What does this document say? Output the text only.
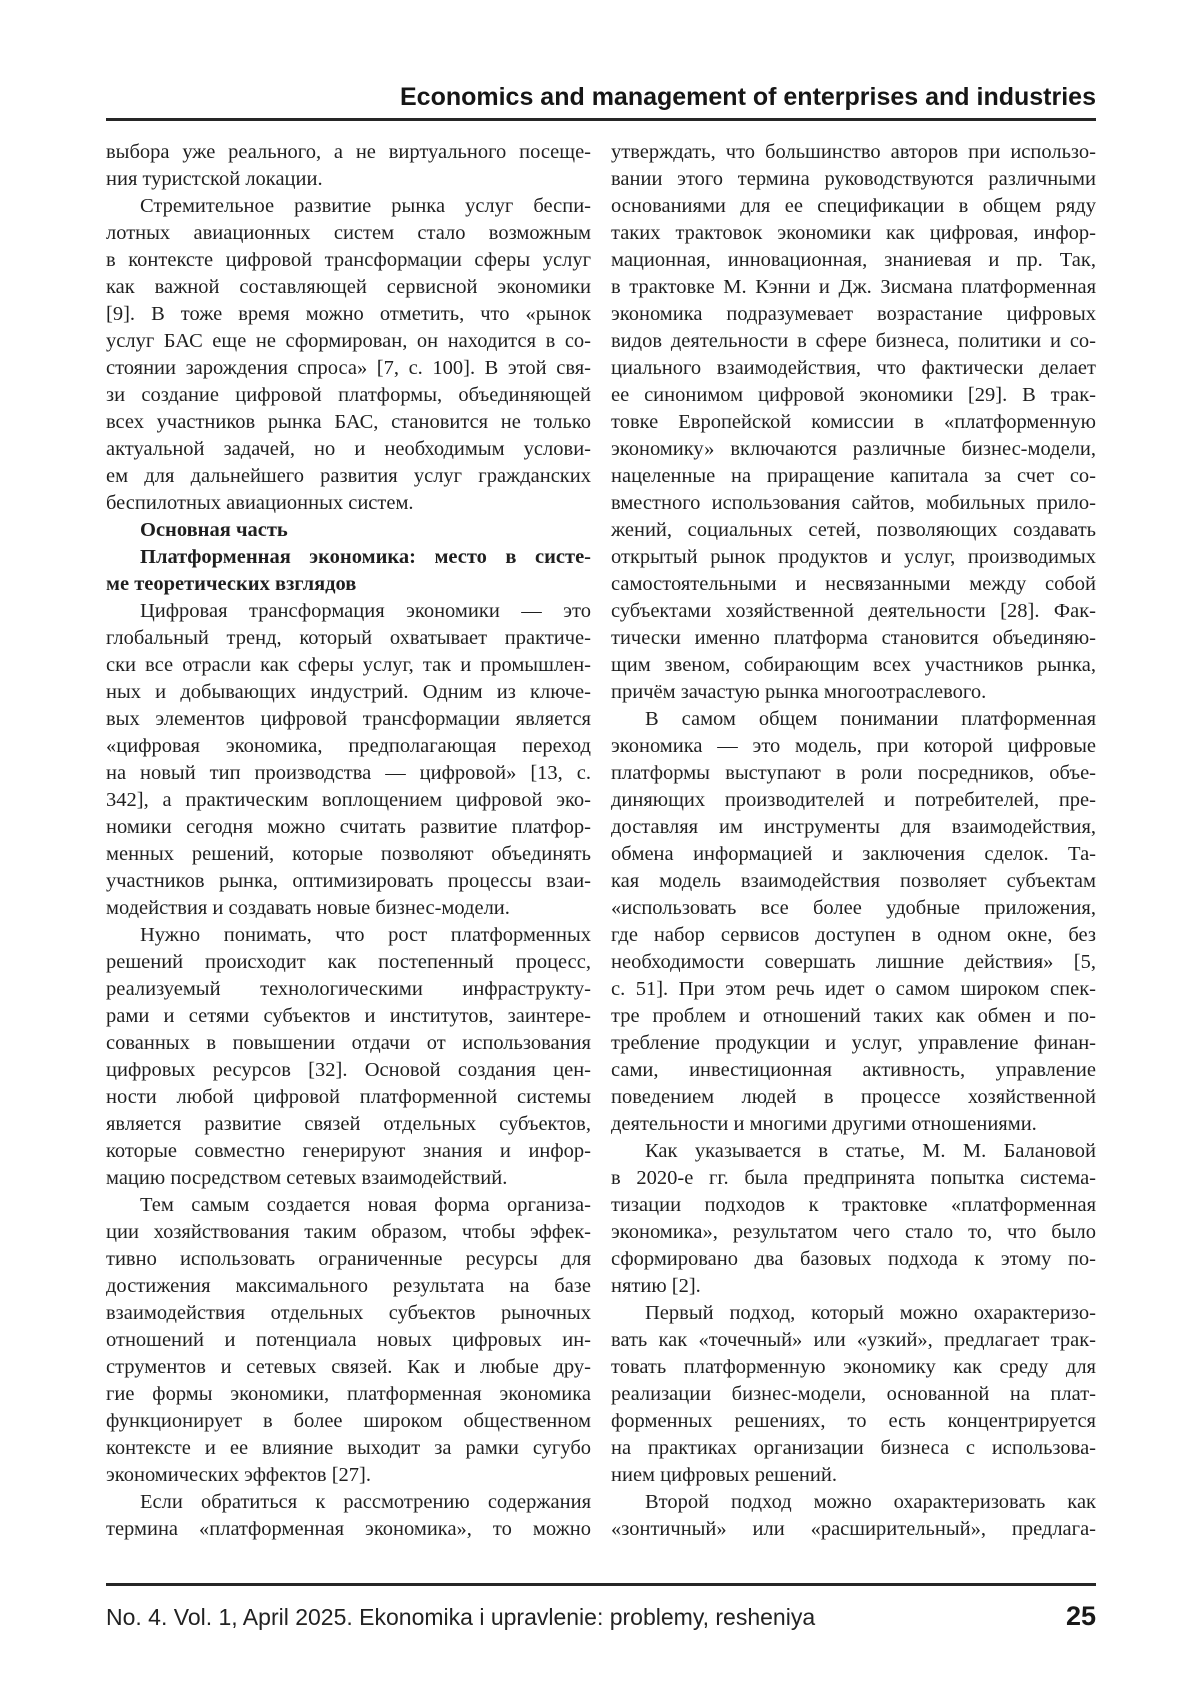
Economics and management of enterprises and industries
выбора уже реального, а не виртуального посеще-
ния туристской локации.
Стремительное развитие рынка услуг беспи-
лотных авиационных систем стало возможным
в контексте цифровой трансформации сферы услуг
как важной составляющей сервисной экономики
[9]. В тоже время можно отметить, что «рынок
услуг БАС еще не сформирован, он находится в со-
стоянии зарождения спроса» [7, с. 100]. В этой свя-
зи создание цифровой платформы, объединяющей
всех участников рынка БАС, становится не только
актуальной задачей, но и необходимым услови-
ем для дальнейшего развития услуг гражданских
беспилотных авиационных систем.
Основная часть
Платформенная экономика: место в систе-
ме теоретических взглядов
Цифровая трансформация экономики — это
глобальный тренд, который охватывает практиче-
ски все отрасли как сферы услуг, так и промышлен-
ных и добывающих индустрий. Одним из ключе-
вых элементов цифровой трансформации является
«цифровая экономика, предполагающая переход
на новый тип производства — цифровой» [13, с.
342], а практическим воплощением цифровой эко-
номики сегодня можно считать развитие платфор-
менных решений, которые позволяют объединять
участников рынка, оптимизировать процессы взаи-
модействия и создавать новые бизнес-модели.
Нужно понимать, что рост платформенных
решений происходит как постепенный процесс,
реализуемый технологическими инфраструкту-
рами и сетями субъектов и институтов, заинтере-
сованных в повышении отдачи от использования
цифровых ресурсов [32]. Основой создания цен-
ности любой цифровой платформенной системы
является развитие связей отдельных субъектов,
которые совместно генерируют знания и инфор-
мацию посредством сетевых взаимодействий.
Тем самым создается новая форма организа-
ции хозяйствования таким образом, чтобы эффек-
тивно использовать ограниченные ресурсы для
достижения максимального результата на базе
взаимодействия отдельных субъектов рыночных
отношений и потенциала новых цифровых ин-
струментов и сетевых связей. Как и любые дру-
гие формы экономики, платформенная экономика
функционирует в более широком общественном
контексте и ее влияние выходит за рамки сугубо
экономических эффектов [27].
Если обратиться к рассмотрению содержания
термина «платформенная экономика», то можно
утверждать, что большинство авторов при использо-
вании этого термина руководствуются различными
основаниями для ее спецификации в общем ряду
таких трактовок экономики как цифровая, инфор-
мационная, инновационная, знаниевая и пр. Так,
в трактовке М. Кэнни и Дж. Зисмана платформенная
экономика подразумевает возрастание цифровых
видов деятельности в сфере бизнеса, политики и со-
циального взаимодействия, что фактически делает
ее синонимом цифровой экономики [29]. В трак-
товке Европейской комиссии в «платформенную
экономику» включаются различные бизнес-модели,
нацеленные на приращение капитала за счет со-
вместного использования сайтов, мобильных прило-
жений, социальных сетей, позволяющих создавать
открытый рынок продуктов и услуг, производимых
самостоятельными и несвязанными между собой
субъектами хозяйственной деятельности [28]. Фак-
тически именно платформа становится объединяю-
щим звеном, собирающим всех участников рынка,
причём зачастую рынка многоотраслевого.
В самом общем понимании платформенная
экономика — это модель, при которой цифровые
платформы выступают в роли посредников, объе-
диняющих производителей и потребителей, пре-
доставляя им инструменты для взаимодействия,
обмена информацией и заключения сделок. Та-
кая модель взаимодействия позволяет субъектам
«использовать все более удобные приложения,
где набор сервисов доступен в одном окне, без
необходимости совершать лишние действия» [5,
с. 51]. При этом речь идет о самом широком спек-
тре проблем и отношений таких как обмен и по-
требление продукции и услуг, управление финан-
сами, инвестиционная активность, управление
поведением людей в процессе хозяйственной
деятельности и многими другими отношениями.
Как указывается в статье, М. М. Балановой
в 2020-е гг. была предпринята попытка система-
тизации подходов к трактовке «платформенная
экономика», результатом чего стало то, что было
сформировано два базовых подхода к этому по-
нятию [2].
Первый подход, который можно охарактеризо-
вать как «точечный» или «узкий», предлагает трак-
товать платформенную экономику как среду для
реализации бизнес-модели, основанной на плат-
форменных решениях, то есть концентрируется
на практиках организации бизнеса с использова-
нием цифровых решений.
Второй подход можно охарактеризовать как
«зонтичный» или «расширительный», предлага-
No. 4. Vol. 1, April 2025. Ekonomika i upravlenie: problemy, resheniya	25
